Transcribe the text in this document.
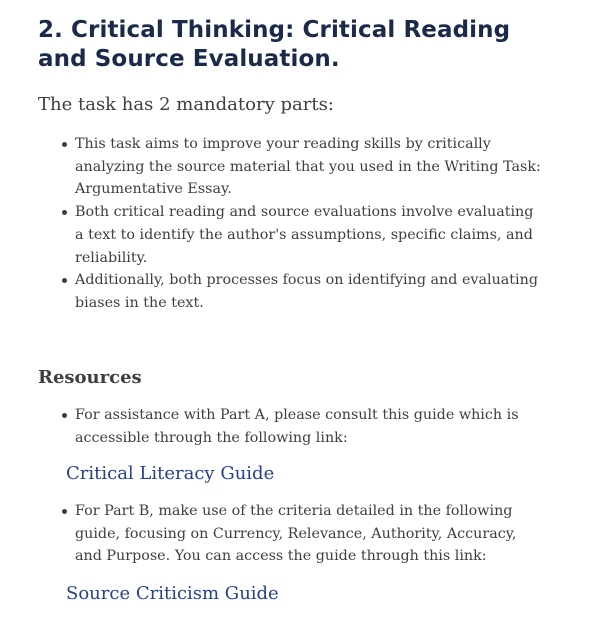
2. Critical Thinking: Critical Reading and Source Evaluation.

The task has 2 mandatory parts:

This task aims to improve your reading skills by critically analyzing the source material that you used in the Writing Task: Argumentative Essay.
Both critical reading and source evaluations involve evaluating a text to identify the author's assumptions, specific claims, and reliability.
Additionally, both processes focus on identifying and evaluating biases in the text.
Resources
For assistance with Part A, please consult this guide which is accessible through the following link:
Critical Literacy Guide
For Part B, make use of the criteria detailed in the following guide, focusing on Currency, Relevance, Authority, Accuracy, and Purpose. You can access the guide through this link:
Source Criticism Guide
